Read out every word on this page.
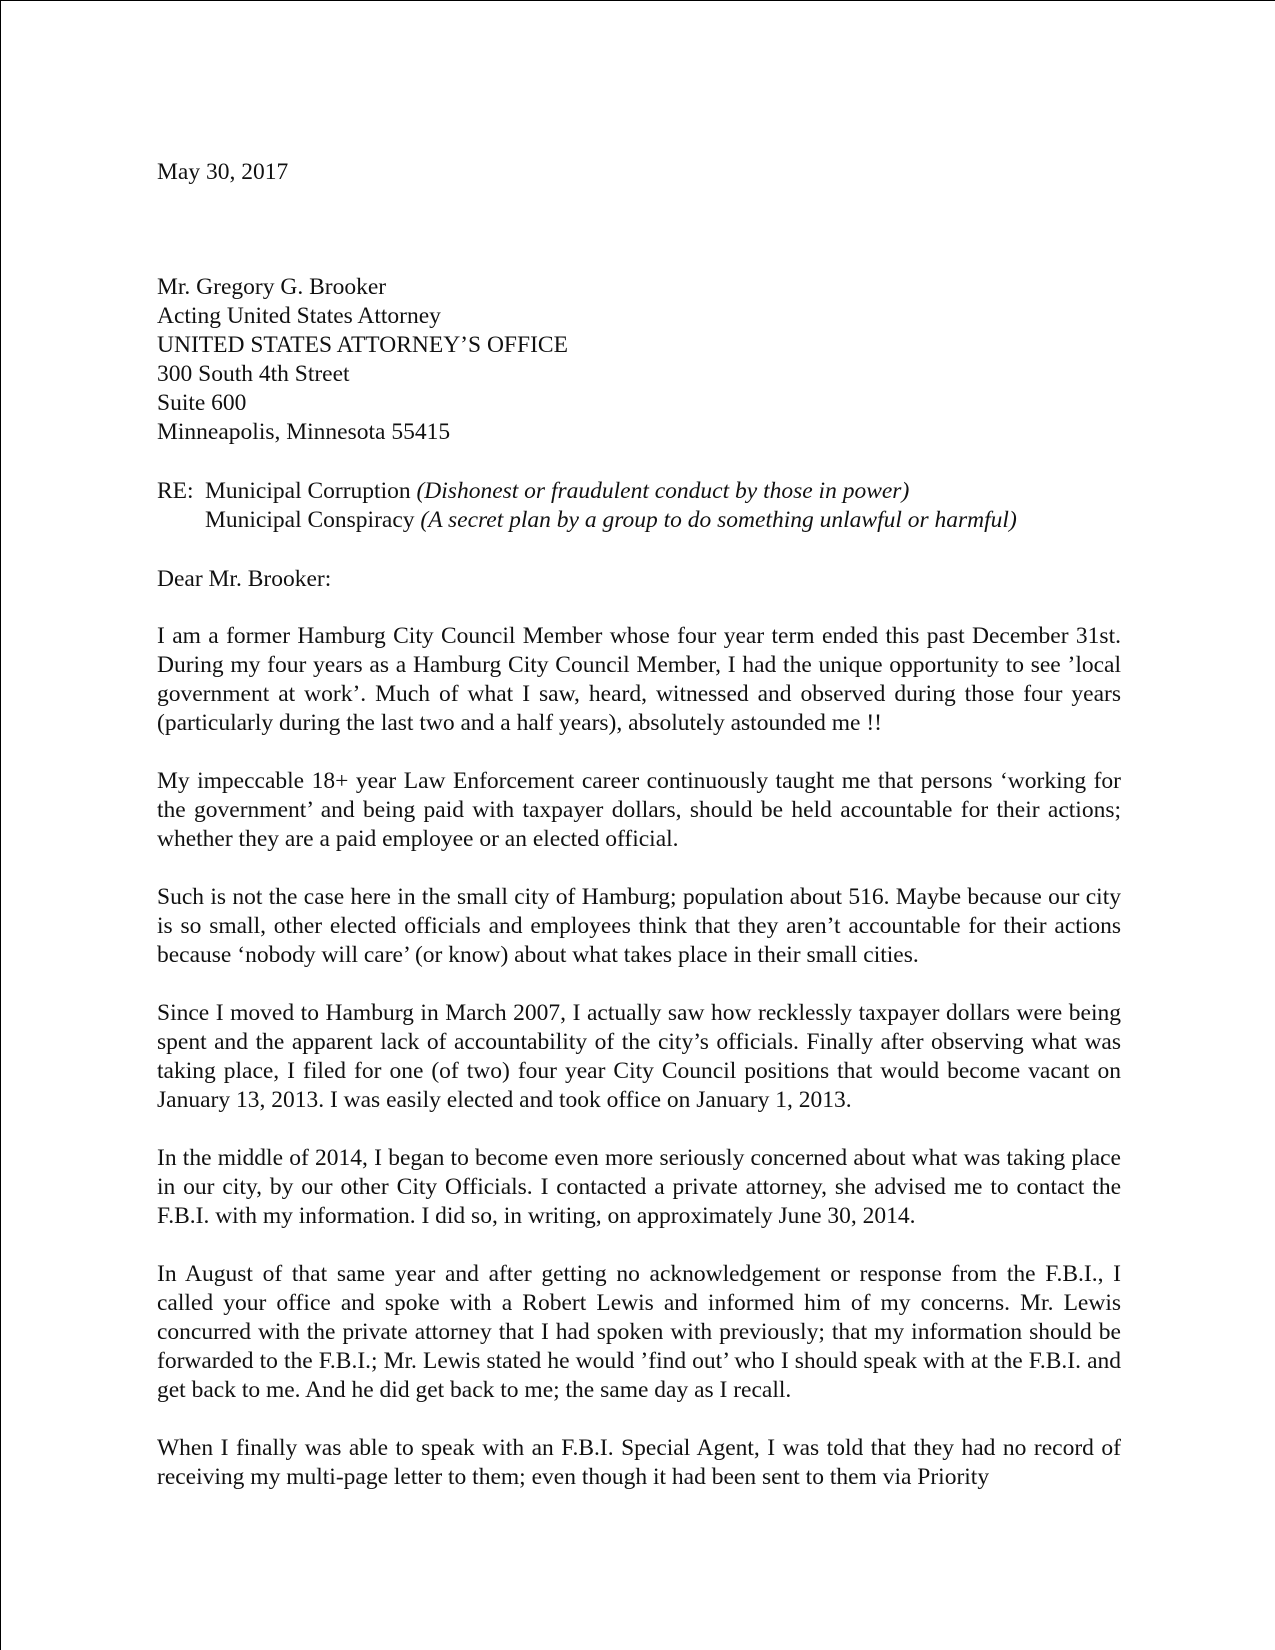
May 30, 2017
Mr. Gregory G. Brooker
Acting United States Attorney
UNITED STATES ATTORNEY’S OFFICE
300 South 4th Street
Suite 600
Minneapolis, Minnesota 55415
RE: Municipal Corruption (Dishonest or fraudulent conduct by those in power)
Municipal Conspiracy (A secret plan by a group to do something unlawful or harmful)
Dear Mr. Brooker:
I am a former Hamburg City Council Member whose four year term ended this past December 31st. During my four years as a Hamburg City Council Member, I had the unique opportunity to see ’local government at work’. Much of what I saw, heard, witnessed and observed during those four years (particularly during the last two and a half years), absolutely astounded me !!
My impeccable 18+ year Law Enforcement career continuously taught me that persons ‘working for the government’ and being paid with taxpayer dollars, should be held accountable for their actions; whether they are a paid employee or an elected official.
Such is not the case here in the small city of Hamburg; population about 516. Maybe because our city is so small, other elected officials and employees think that they aren’t accountable for their actions because ‘nobody will care’ (or know) about what takes place in their small cities.
Since I moved to Hamburg in March 2007, I actually saw how recklessly taxpayer dollars were being spent and the apparent lack of accountability of the city’s officials. Finally after observing what was taking place, I filed for one (of two) four year City Council positions that would become vacant on January 13, 2013. I was easily elected and took office on January 1, 2013.
In the middle of 2014, I began to become even more seriously concerned about what was taking place in our city, by our other City Officials. I contacted a private attorney, she advised me to contact the F.B.I. with my information. I did so, in writing, on approximately June 30, 2014.
In August of that same year and after getting no acknowledgement or response from the F.B.I., I called your office and spoke with a Robert Lewis and informed him of my concerns. Mr. Lewis concurred with the private attorney that I had spoken with previously; that my information should be forwarded to the F.B.I.; Mr. Lewis stated he would ’find out’ who I should speak with at the F.B.I. and get back to me. And he did get back to me; the same day as I recall.
When I finally was able to speak with an F.B.I. Special Agent, I was told that they had no record of receiving my multi-page letter to them; even though it had been sent to them via Priority
